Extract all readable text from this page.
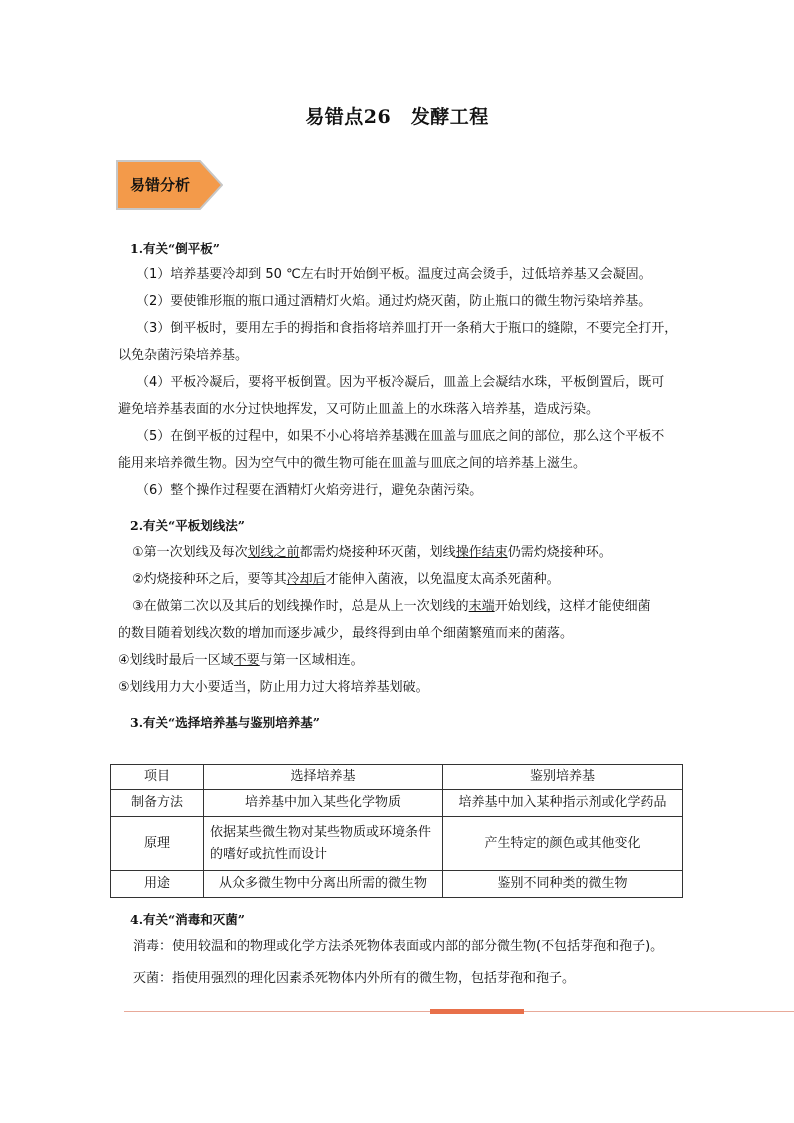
易错点26　发酵工程
易错分析
1.有关“倒平板”
（1）培养基要冷却到 50 ℃左右时开始倒平板。温度过高会烫手，过低培养基又会凝固。
（2）要使锥形瓶的瓶口通过酒精灯火焰。通过灼烧灭菌，防止瓶口的微生物污染培养基。
（3）倒平板时，要用左手的拇指和食指将培养皿打开一条稍大于瓶口的缝隙，不要完全打开，
以免杂菌污染培养基。
（4）平板冷凝后，要将平板倒置。因为平板冷凝后，皿盖上会凝结水珠，平板倒置后，既可
避免培养基表面的水分过快地挥发，又可防止皿盖上的水珠落入培养基，造成污染。
（5）在倒平板的过程中，如果不小心将培养基溅在皿盖与皿底之间的部位，那么这个平板不
能用来培养微生物。因为空气中的微生物可能在皿盖与皿底之间的培养基上滋生。
（6）整个操作过程要在酒精灯火焰旁进行，避免杂菌污染。
2.有关“平板划线法”
①第一次划线及每次划线之前都需灼烧接种环灭菌，划线操作结束仍需灼烧接种环。
②灼烧接种环之后，要等其冷却后才能伸入菌液，以免温度太高杀死菌种。
③在做第二次以及其后的划线操作时，总是从上一次划线的末端开始划线，这样才能使细菌
的数目随着划线次数的增加而逐步减少，最终得到由单个细菌繁殖而来的菌落。
④划线时最后一区域不要与第一区域相连。
⑤划线用力大小要适当，防止用力过大将培养基划破。
3.有关“选择培养基与鉴别培养基”
项目	选择培养基	鉴别培养基
制备方法	培养基中加入某些化学物质	培养基中加入某种指示剂或化学药品
原理	依据某些微生物对某些物质或环境条件的嗜好或抗性而设计	产生特定的颜色或其他变化
用途	从众多微生物中分离出所需的微生物	鉴别不同种类的微生物
4.有关“消毒和灭菌”
消毒：使用较温和的物理或化学方法杀死物体表面或内部的部分微生物(不包括芽孢和孢子)。
灭菌：指使用强烈的理化因素杀死物体内外所有的微生物，包括芽孢和孢子。
